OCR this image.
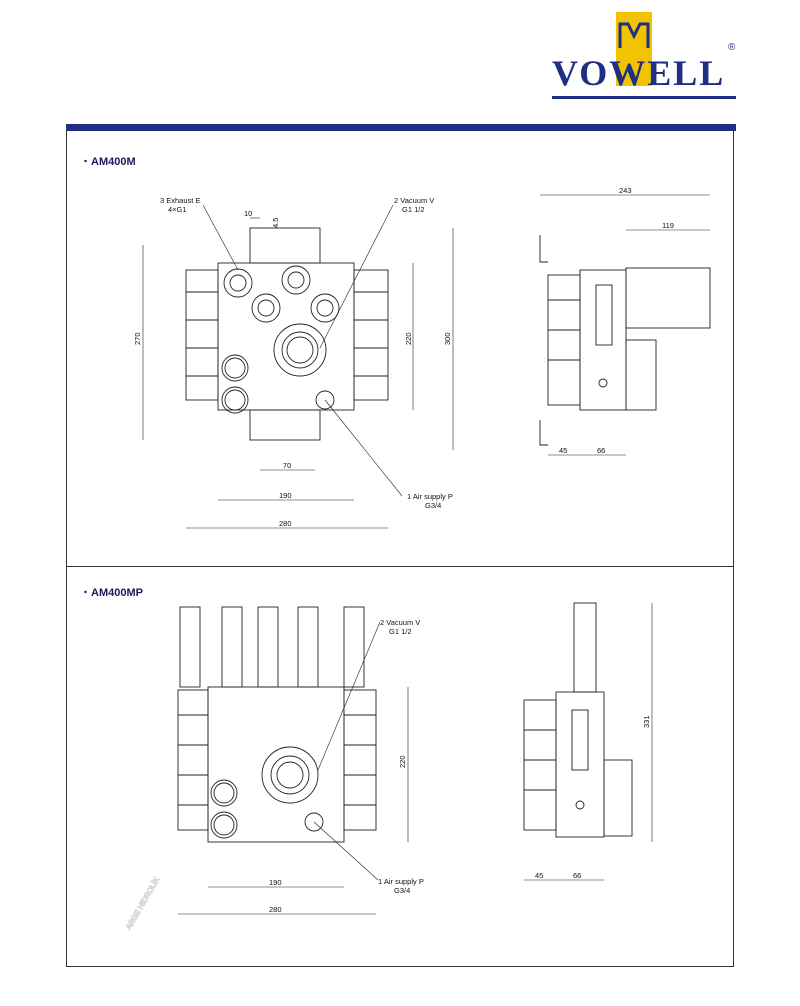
VOWELL
®
・AM400M
・AM400MP
3 Exhaust E
4×G1
2 Vacuum V
G1 1/2
1 Air supply P
G3/4
10
4.5
270	220	300
70
190
280
243
119
45	66
2 Vacuum V
G1 1/2
1 Air supply P
G3/4
220
190
280
331
45	66
ARGE HIDROLİK
